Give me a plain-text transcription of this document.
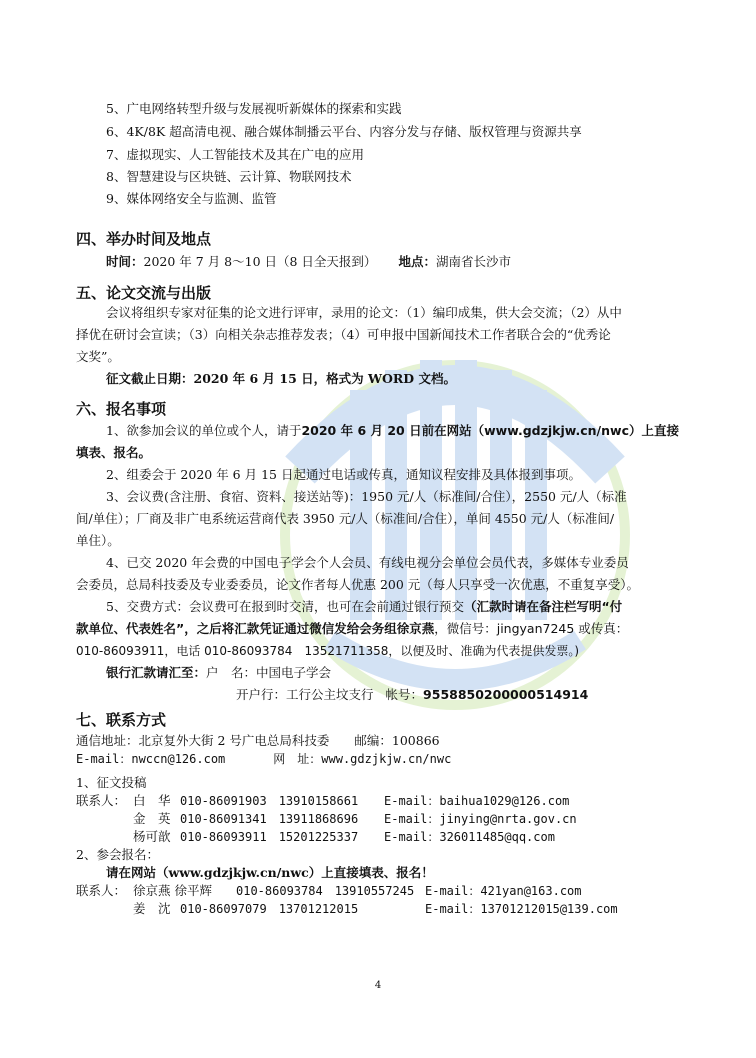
5、广电网络转型升级与发展视听新媒体的探索和实践
6、4K/8K 超高清电视、融合媒体制播云平台、内容分发与存储、版权管理与资源共享
7、虚拟现实、人工智能技术及其在广电的应用
8、智慧建设与区块链、云计算、物联网技术
9、媒体网络安全与监测、监管
四、举办时间及地点
时间：2020 年 7 月 8～10 日（8 日全天报到） 地点：湖南省长沙市
五、论文交流与出版
会议将组织专家对征集的论文进行评审，录用的论文：（1）编印成集，供大会交流；（2）从中
择优在研讨会宣读；（3）向相关杂志推荐发表；（4）可申报中国新闻技术工作者联合会的“优秀论
文奖”。
征文截止日期：2020 年 6 月 15 日，格式为 WORD 文档。
六、报名事项
1、欲参加会议的单位或个人，请于2020 年 6 月 20 日前在网站（www.gdzjkjw.cn/nwc）上直接
填表、报名。
2、组委会于 2020 年 6 月 15 日起通过电话或传真，通知议程安排及具体报到事项。
3、会议费(含注册、食宿、资料、接送站等)：1950 元/人（标准间/合住），2550 元/人（标准
间/单住）；厂商及非广电系统运营商代表 3950 元/人（标准间/合住），单间 4550 元/人（标准间/
单住）。
4、已交 2020 年会费的中国电子学会个人会员、有线电视分会单位会员代表，多媒体专业委员
会委员，总局科技委及专业委委员，论文作者每人优惠 200 元（每人只享受一次优惠，不重复享受）。
5、交费方式：会议费可在报到时交清，也可在会前通过银行预交（汇款时请在备注栏写明“付
款单位、代表姓名”，之后将汇款凭证通过微信发给会务组徐京燕，微信号：jingyan7245 或传真：
010-86093911，电话 010-86093784　13521711358，以便及时、准确为代表提供发票。)
银行汇款请汇至：户　名：中国电子学会
开户行：工行公主坟支行 帐号：9558850200000514914
七、联系方式
通信地址：北京复外大街 2 号广电总局科技委　　邮编：100866
E-mail：nwccn@126.com　　　　网　址：www.gdzjkjw.cn/nwc
1、征文投稿
联系人： 白　华 010-86091903　13910158661 E-mail：baihua1029@126.com
金　英 010-86091341　13911868696 E-mail：jinying@nrta.gov.cn
杨可歆 010-86093911　15201225337 E-mail：326011485@qq.com
2、参会报名：
请在网站（www.gdzjkjw.cn/nwc）上直接填表、报名！
联系人： 徐京燕 徐平辉 010-86093784　13910557245 E-mail：421yan@163.com
姜　沈 010-86097079　13701212015	E-mail：13701212015@139.com
4
